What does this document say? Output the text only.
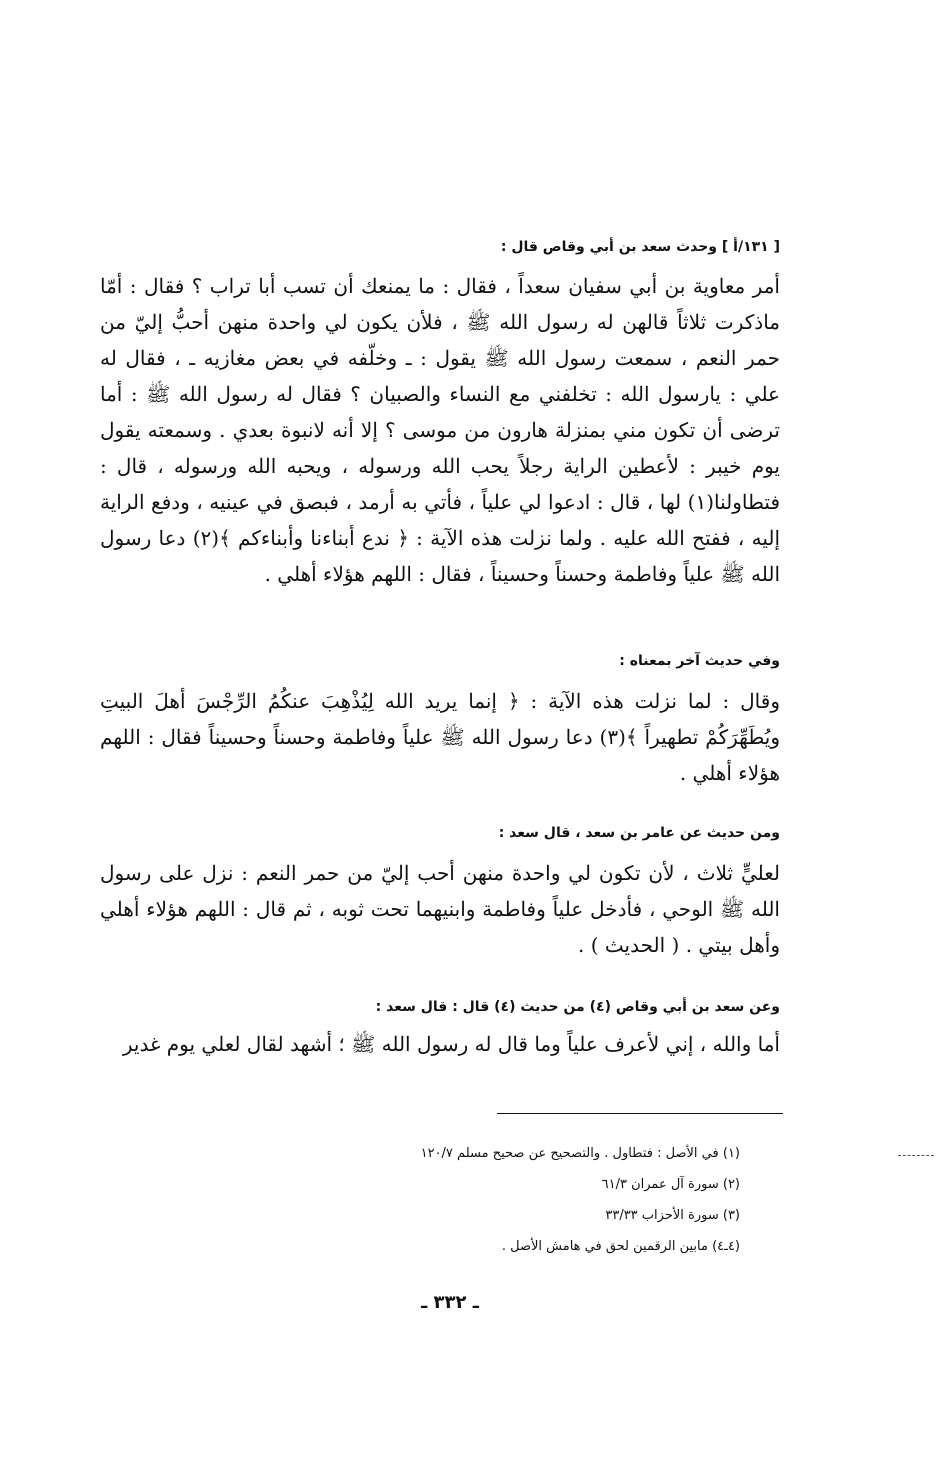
[ ١٣١/أ ] وحدث سعد بن أبي وقاص قال :
أمر معاوية بن أبي سفيان سعداً ، فقال : ما يمنعك أن تسب أبا تراب ؟ فقال : أمّا ماذكرت ثلاثاً قالهن له رسول الله ﷺ ، فلأن يكون لي واحدة منهن أحبُّ إليّ من حمر النعم ، سمعت رسول الله ﷺ يقول : ـ وخلّفه في بعض مغازيه ـ ، فقال له علي : يارسول الله : تخلفني مع النساء والصبيان ؟ فقال له رسول الله ﷺ : أما ترضى أن تكون مني بمنزلة هارون من موسى ؟ إلا أنه لانبوة بعدي . وسمعته يقول يوم خيبر : لأعطين الراية رجلاً يحب الله ورسوله ، ويحبه الله ورسوله ، قال : فتطاولنا(١) لها ، قال : ادعوا لي علياً ، فأتي به أرمد ، فبصق في عينيه ، ودفع الراية إليه ، ففتح الله عليه . ولما نزلت هذه الآية : ﴿ ندع أبناءنا وأبناءكم ﴾(٢) دعا رسول الله ﷺ علياً وفاطمة وحسناً وحسيناً ، فقال : اللهم هؤلاء أهلي .
وفي حديث آخر بمعناه :
وقال : لما نزلت هذه الآية : ﴿ إنما يريد الله لِيُذْهِبَ عنكُمُ الرِّجْسَ أهلَ البيتِ ويُطَهِّرَكُمْ تطهيراً ﴾(٣) دعا رسول الله ﷺ علياً وفاطمة وحسناً وحسيناً فقال : اللهم هؤلاء أهلي .
ومن حديث عن عامر بن سعد ، قال سعد :
لعليٍّ ثلاث ، لأن تكون لي واحدة منهن أحب إليّ من حمر النعم : نزل على رسول الله ﷺ الوحي ، فأدخل علياً وفاطمة وابنيهما تحت ثوبه ، ثم قال : اللهم هؤلاء أهلي وأهل بيتي . ( الحديث ) .
وعن سعد بن أبي وقاص (٤) من حديث (٤) قال : قال سعد :
أما والله ، إني لأعرف علياً وما قال له رسول الله ﷺ ؛ أشهد لقال لعلي يوم غدير
(١) في الأصل : فتطاول . والتصحيح عن صحيح مسلم ١٢٠/٧
(٢) سورة آل عمران ٦١/٣
(٣) سورة الأحزاب ٣٣/٣٣
(٤ـ٤) مابين الرقمين لحق في هامش الأصل .
ـ ٣٣٢ ـ
